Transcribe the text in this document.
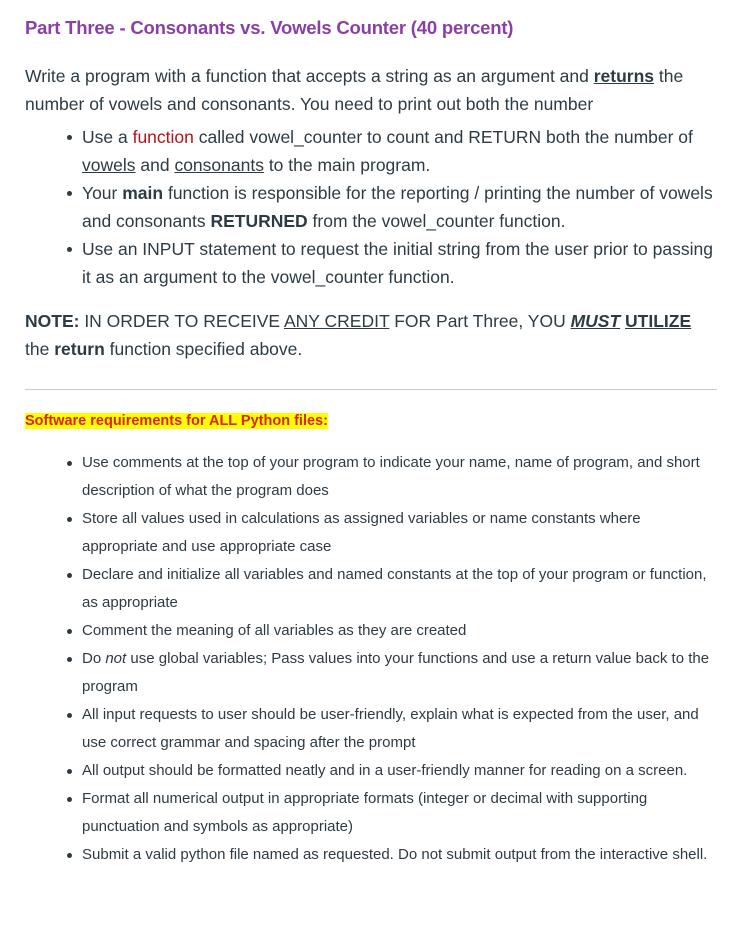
Part Three - Consonants vs. Vowels Counter (40 percent)

Write a program with a function that accepts a string as an argument and returns the number of vowels and consonants. You need to print out both the number

Use a function called vowel_counter to count and RETURN both the number of vowels and consonants to the main program.
Your main function is responsible for the reporting / printing the number of vowels and consonants RETURNED from the vowel_counter function.
Use an INPUT statement to request the initial string from the user prior to passing it as an argument to the vowel_counter function.

NOTE: IN ORDER TO RECEIVE ANY CREDIT FOR Part Three, YOU MUST UTILIZE the return function specified above.

Software requirements for ALL Python files:

Use comments at the top of your program to indicate your name, name of program, and short description of what the program does
Store all values used in calculations as assigned variables or name constants where appropriate and use appropriate case
Declare and initialize all variables and named constants at the top of your program or function, as appropriate
Comment the meaning of all variables as they are created
Do not use global variables; Pass values into your functions and use a return value back to the program
All input requests to user should be user-friendly, explain what is expected from the user, and use correct grammar and spacing after the prompt
All output should be formatted neatly and in a user-friendly manner for reading on a screen.
Format all numerical output in appropriate formats (integer or decimal with supporting punctuation and symbols as appropriate)
Submit a valid python file named as requested. Do not submit output from the interactive shell.
